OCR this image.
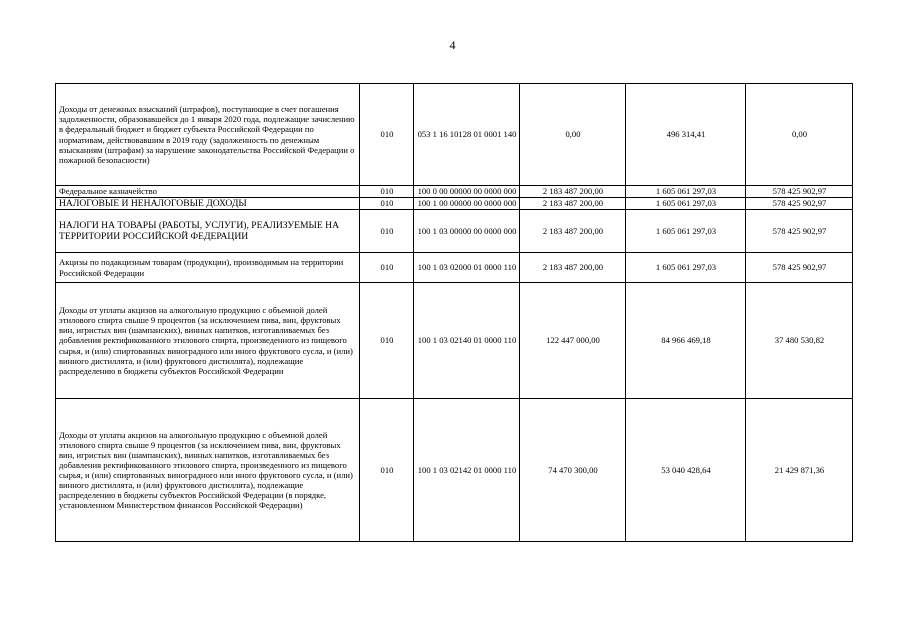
4
Доходы от денежных взысканий (штрафов), поступающие в счет погашения задолженности, образовавшейся до 1 января 2020 года, подлежащие зачислению в федеральный бюджет и бюджет субъекта Российской Федерации по нормативам, действовавшим в 2019 году (задолженность по денежным взысканиям (штрафам) за нарушение законодательства Российской Федерации о пожарной безопасности)	010	053 1 16 10128 01 0001 140	0,00	496 314,41	0,00
Федеральное казначейство	010	100 0 00 00000 00 0000 000	2 183 487 200,00	1 605 061 297,03	578 425 902,97
НАЛОГОВЫЕ И НЕНАЛОГОВЫЕ ДОХОДЫ	010	100 1 00 00000 00 0000 000	2 183 487 200,00	1 605 061 297,03	578 425 902,97
НАЛОГИ НА ТОВАРЫ (РАБОТЫ, УСЛУГИ), РЕАЛИЗУЕМЫЕ НА ТЕРРИТОРИИ РОССИЙСКОЙ ФЕДЕРАЦИИ	010	100 1 03 00000 00 0000 000	2 183 487 200,00	1 605 061 297,03	578 425 902,97
Акцизы по подакцизным товарам (продукции), производимым на территории Российской Федерации	010	100 1 03 02000 01 0000 110	2 183 487 200,00	1 605 061 297,03	578 425 902,97
Доходы от уплаты акцизов на алкогольную продукцию с объемной долей этилового спирта свыше 9 процентов (за исключением пива, вин, фруктовых вин, игристых вин (шампанских), винных напитков, изготавливаемых без добавления ректификованного этилового спирта, произведенного из пищевого сырья, и (или) спиртованных виноградного или иного фруктового сусла, и (или) винного дистиллята, и (или) фруктового дистиллята), подлежащие распределению в бюджеты субъектов Российской Федерации	010	100 1 03 02140 01 0000 110	122 447 000,00	84 966 469,18	37 480 530,82
Доходы от уплаты акцизов на алкогольную продукцию с объемной долей этилового спирта свыше 9 процентов (за исключением пива, вин, фруктовых вин, игристых вин (шампанских), винных напитков, изготавливаемых без добавления ректификованного этилового спирта, произведенного из пищевого сырья, и (или) спиртованных виноградного или иного фруктового сусла, и (или) винного дистиллята, и (или) фруктового дистиллята), подлежащие распределению в бюджеты субъектов Российской Федерации (в порядке, установленном Министерством финансов Российской Федерации)	010	100 1 03 02142 01 0000 110	74 470 300,00	53 040 428,64	21 429 871,36
